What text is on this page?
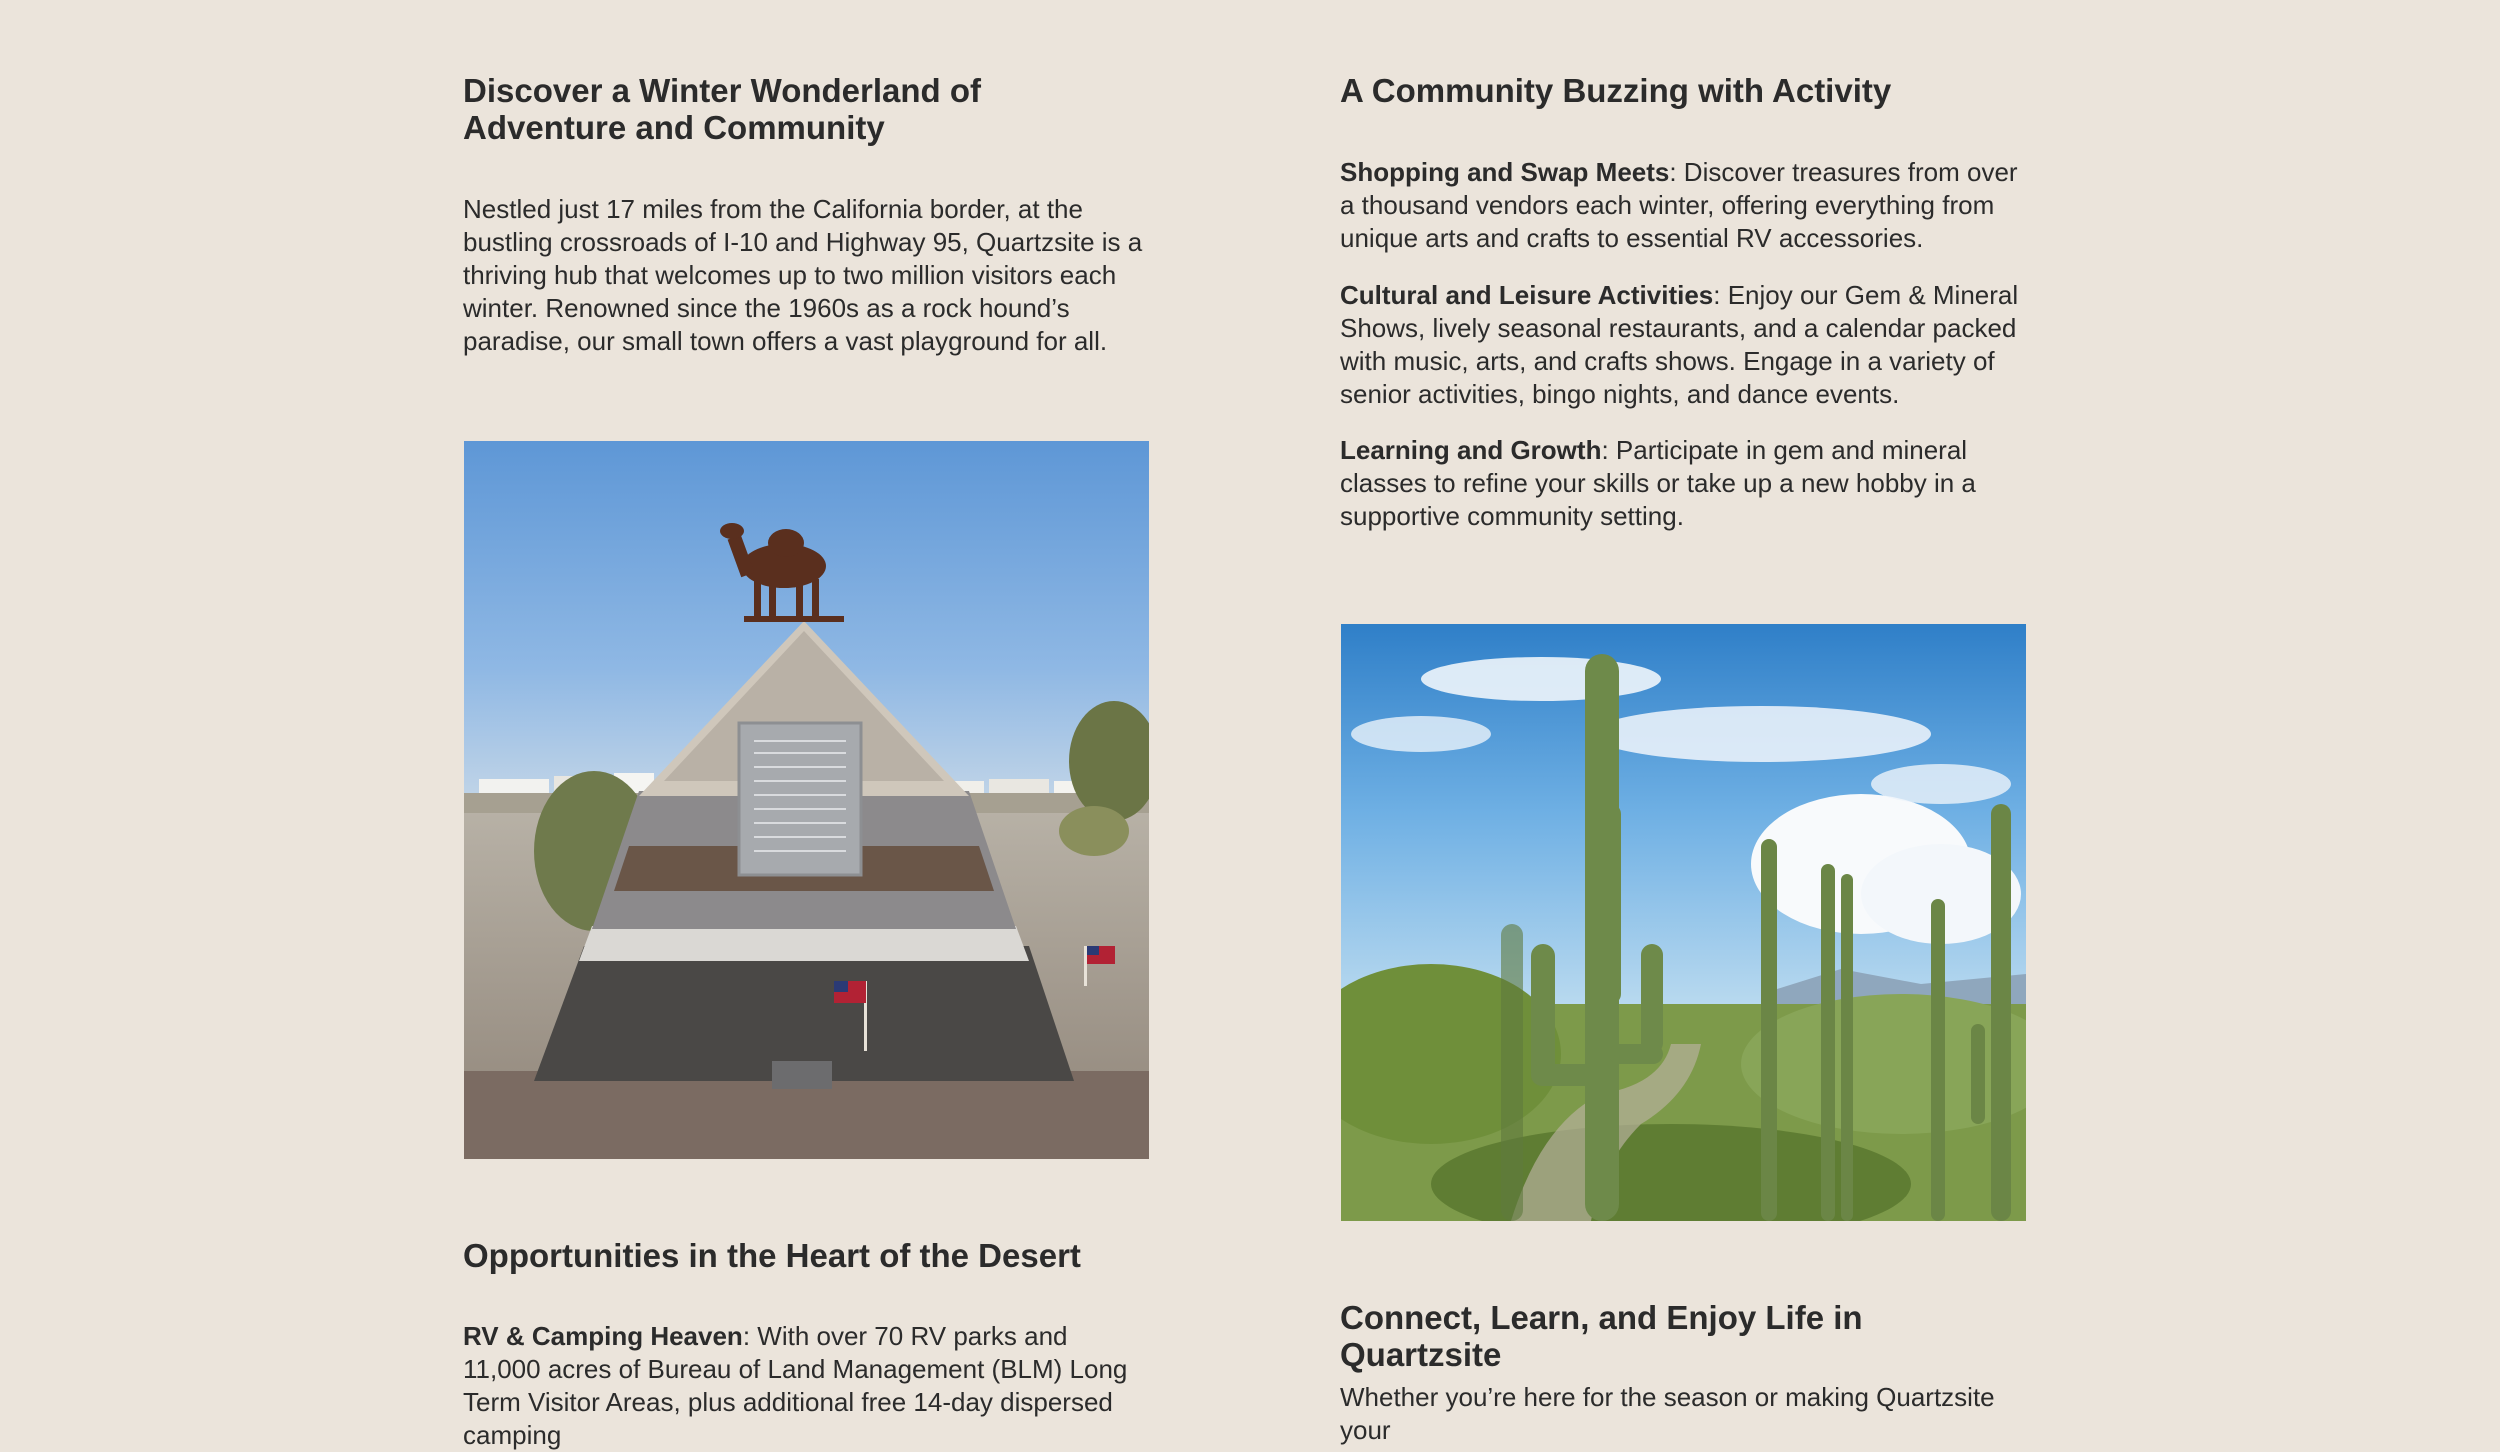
Discover a Winter Wonderland of Adventure and Community

Nestled just 17 miles from the California border, at the bustling crossroads of I-10 and Highway 95, Quartzsite is a thriving hub that welcomes up to two million visitors each winter. Renowned since the 1960s as a rock hound’s paradise, our small town offers a vast playground for all.

Opportunities in the Heart of the Desert

RV & Camping Heaven: With over 70 RV parks and 11,000 acres of Bureau of Land Management (BLM) Long Term Visitor Areas, plus additional free 14-day dispersed camping

A Community Buzzing with Activity

Shopping and Swap Meets: Discover treasures from over a thousand vendors each winter, offering everything from unique arts and crafts to essential RV accessories.

Cultural and Leisure Activities: Enjoy our Gem & Mineral Shows, lively seasonal restaurants, and a calendar packed with music, arts, and crafts shows. Engage in a variety of senior activities, bingo nights, and dance events.

Learning and Growth: Participate in gem and mineral classes to refine your skills or take up a new hobby in a supportive community setting.

Connect, Learn, and Enjoy Life in Quartzsite

Whether you’re here for the season or making Quartzsite your
